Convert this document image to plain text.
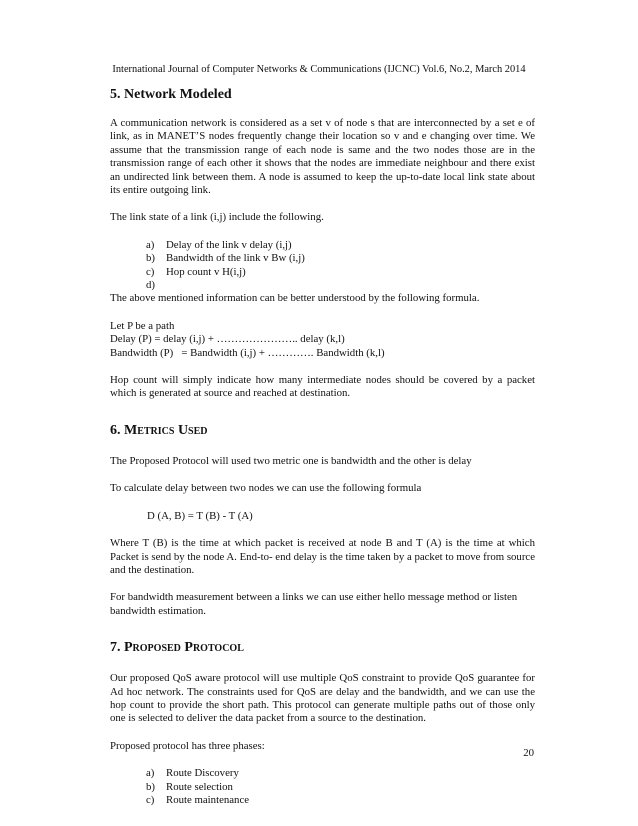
International Journal of Computer Networks & Communications (IJCNC) Vol.6, No.2, March 2014
5. Network Modeled

A communication network is considered as a set v of node s that are interconnected by a set e of link, as in MANET’S nodes frequently change their location so v and e changing over time. We assume that the transmission range of each node is same and the two nodes those are in the transmission range of each other it shows that the nodes are immediate neighbour and there exist an undirected link between them. A node is assumed to keep the up-to-date local link state about its entire outgoing link.

The link state of a link (i,j) include the following.

a) Delay of the link v delay (i,j)
b) Bandwidth of the link v Bw (i,j)
c) Hop count v H(i,j)
d)

The above mentioned information can be better understood by the following formula.

Let P be a path
Delay (P) = delay (i,j) + ………………….. delay (k,l)
Bandwidth (P)   = Bandwidth (i,j) + …………. Bandwidth (k,l)

Hop count will simply indicate how many intermediate nodes should be covered by a packet which is generated at source and reached at destination.

6. Metrics Used

The Proposed Protocol will used two metric one is bandwidth and the other is delay

To calculate delay between two nodes we can use the following formula

D (A, B) = T (B) - T (A)

Where T (B) is the time at which packet is received at node B and T (A) is the time at which Packet is send by the node A. End-to- end delay is the time taken by a packet to move from source and the destination.

For bandwidth measurement between a links we can use either hello message method or listen bandwidth estimation.

7. Proposed Protocol

Our proposed QoS aware protocol will use multiple QoS constraint to provide QoS guarantee for Ad hoc network. The constraints used for QoS are delay and the bandwidth, and we can use the hop count to provide the short path. This protocol can generate multiple paths out of those only one is selected to deliver the data packet from a source to the destination.

Proposed protocol has three phases:

a) Route Discovery
b) Route selection
c) Route maintenance
20
